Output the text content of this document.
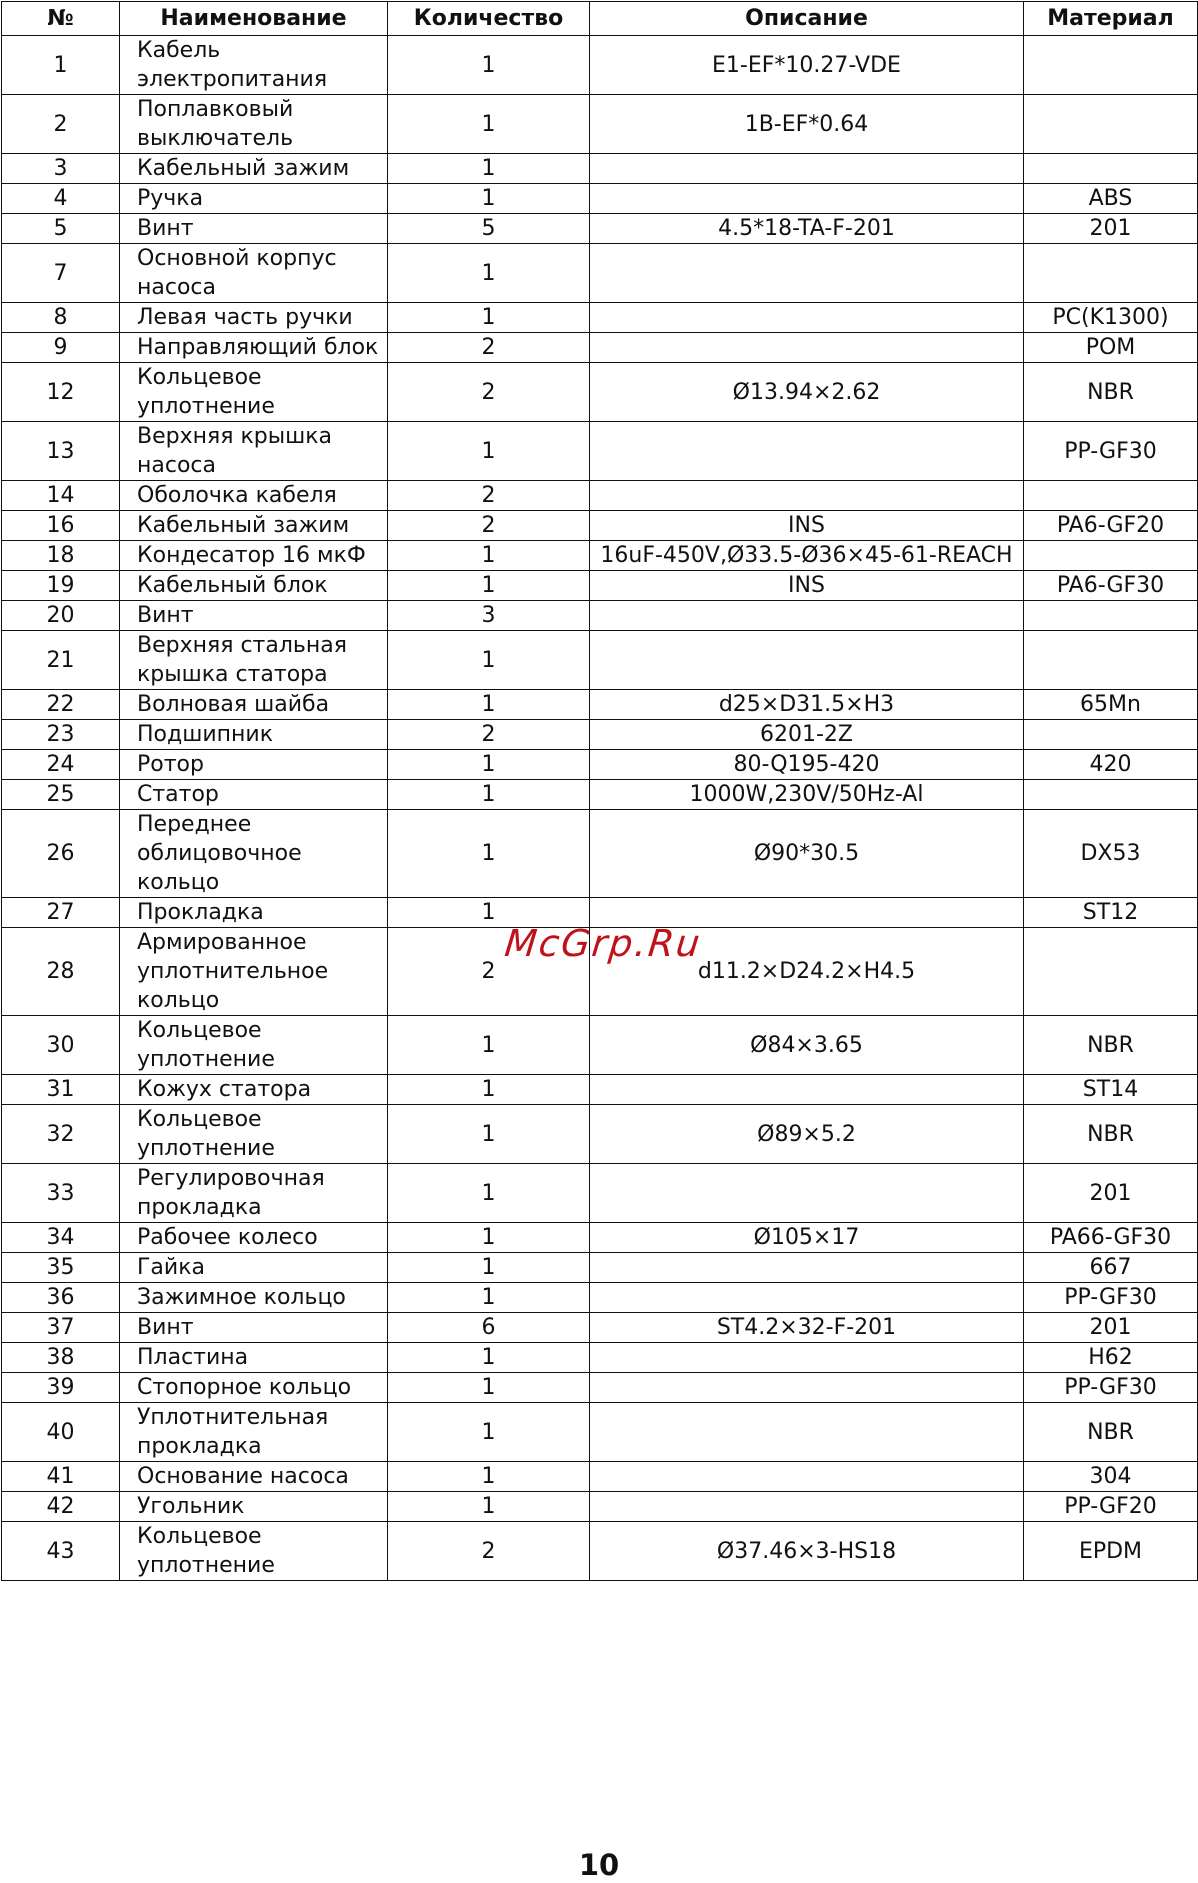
№	Наименование	Количество	Описание	Материал
1	Кабель
электропитания	1	E1-EF*10.27-VDE	
2	Поплавковый
выключатель	1	1B-EF*0.64	
3	Кабельный зажим	1		
4	Ручка	1		ABS
5	Винт	5	4.5*18-TA-F-201	201
7	Основной корпус
насоса	1		
8	Левая часть ручки	1		PC(K1300)
9	Направляющий блок	2		POM
12	Кольцевое
уплотнение	2	Ø13.94×2.62	NBR
13	Верхняя крышка
насоса	1		PP-GF30
14	Оболочка кабеля	2		
16	Кабельный зажим	2	INS	PA6-GF20
18	Кондесатор 16 мкФ	1	16uF-450V,Ø33.5-Ø36×45-61-REACH	
19	Кабельный блок	1	INS	PA6-GF30
20	Винт	3		
21	Верхняя стальная
крышка статора	1		
22	Волновая шайба	1	d25×D31.5×H3	65Mn
23	Подшипник	2	6201-2Z	
24	Ротор	1	80-Q195-420	420
25	Статор	1	1000W,230V/50Hz-Al	
26	Переднее
облицовочное
кольцо	1	Ø90*30.5	DX53
27	Прокладка	1		ST12
28	Армированное
уплотнительное
кольцо	2	d11.2×D24.2×H4.5	
30	Кольцевое
уплотнение	1	Ø84×3.65	NBR
31	Кожух статора	1		ST14
32	Кольцевое
уплотнение	1	Ø89×5.2	NBR
33	Регулировочная
прокладка	1		201
34	Рабочее колесо	1	Ø105×17	PA66-GF30
35	Гайка	1		667
36	Зажимное кольцо	1		PP-GF30
37	Винт	6	ST4.2×32-F-201	201
38	Пластина	1		H62
39	Стопорное кольцо	1		PP-GF30
40	Уплотнительная
прокладка	1		NBR
41	Основание насоса	1		304
42	Угольник	1		PP-GF20
43	Кольцевое
уплотнение	2	Ø37.46×3-HS18	EPDM
McGrp.Ru
10
